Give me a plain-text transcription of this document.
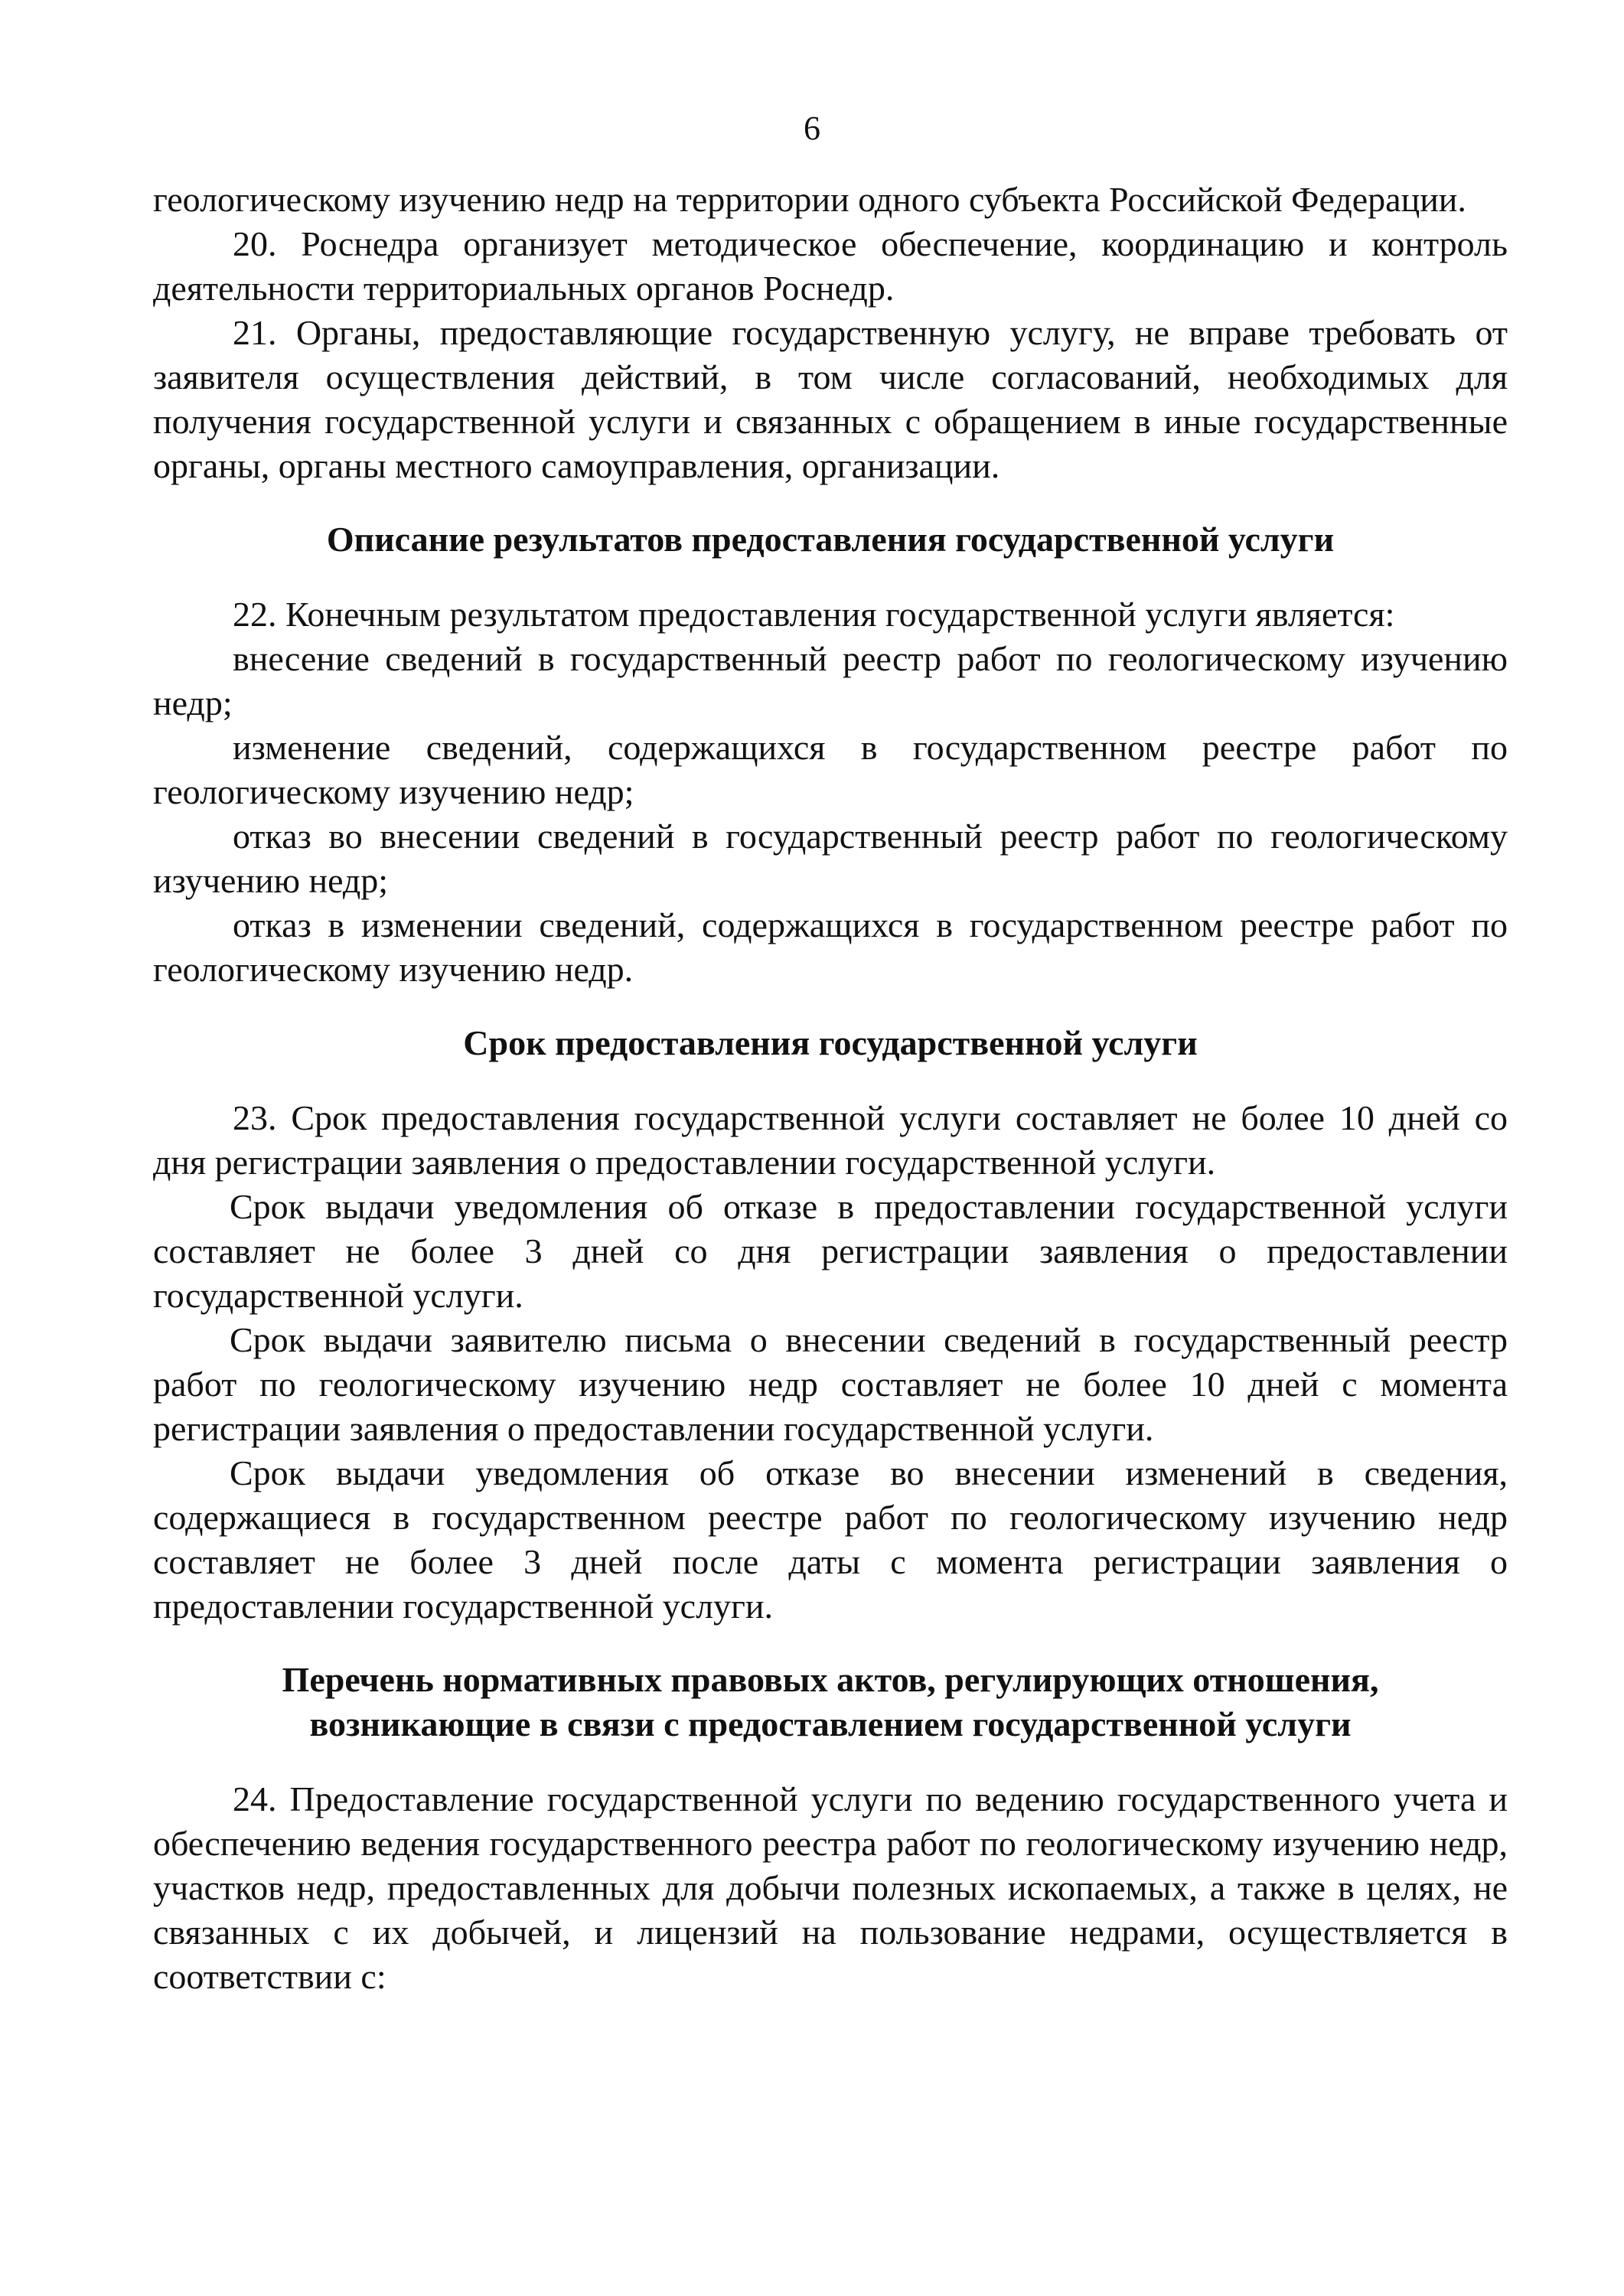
6

геологическому изучению недр на территории одного субъекта Российской Федерации.

20. Роснедра организует методическое обеспечение, координацию и контроль деятельности территориальных органов Роснедр.

21. Органы, предоставляющие государственную услугу, не вправе требовать от заявителя осуществления действий, в том числе согласований, необходимых для получения государственной услуги и связанных с обращением в иные государственные органы, органы местного самоуправления, организации.

Описание результатов предоставления государственной услуги

22. Конечным результатом предоставления государственной услуги является:

внесение сведений в государственный реестр работ по геологическому изучению недр;

изменение сведений, содержащихся в государственном реестре работ по геологическому изучению недр;

отказ во внесении сведений в государственный реестр работ по геологическому изучению недр;

отказ в изменении сведений, содержащихся в государственном реестре работ по геологическому изучению недр.

Срок предоставления государственной услуги

23. Срок предоставления государственной услуги составляет не более 10 дней со дня регистрации заявления о предоставлении государственной услуги.

Срок выдачи уведомления об отказе в предоставлении государственной услуги составляет не более 3 дней со дня регистрации заявления о предоставлении государственной услуги.

Срок выдачи заявителю письма о внесении сведений в государственный реестр работ по геологическому изучению недр составляет не более 10 дней с момента регистрации заявления о предоставлении государственной услуги.

Срок выдачи уведомления об отказе во внесении изменений в сведения, содержащиеся в государственном реестре работ по геологическому изучению недр составляет не более 3 дней после даты с момента регистрации заявления о предоставлении государственной услуги.

Перечень нормативных правовых актов, регулирующих отношения,
возникающие в связи с предоставлением государственной услуги

24. Предоставление государственной услуги по ведению государственного учета и обеспечению ведения государственного реестра работ по геологическому изучению недр, участков недр, предоставленных для добычи полезных ископаемых, а также в целях, не связанных с их добычей, и лицензий на пользование недрами, осуществляется в соответствии с:
